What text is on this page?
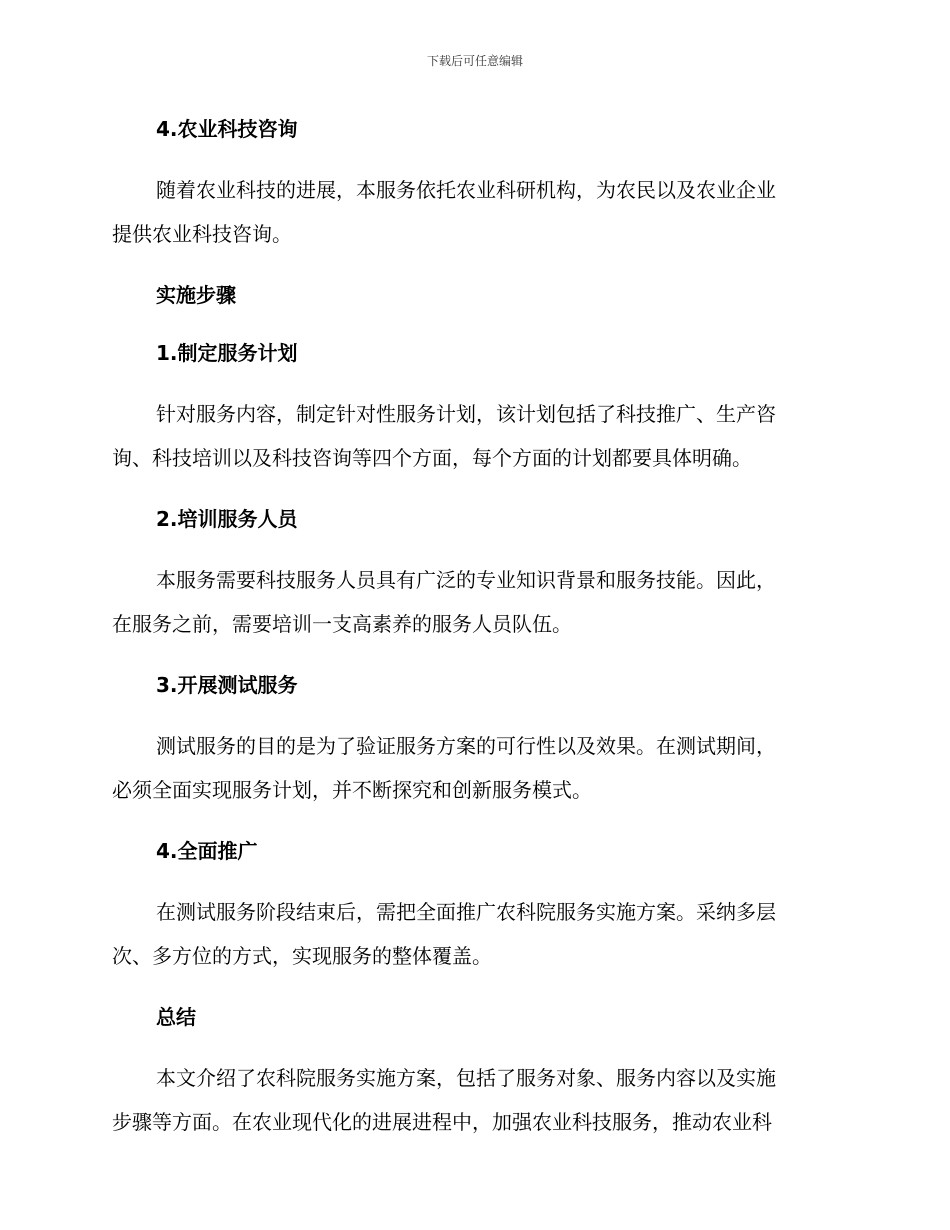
下载后可任意编辑
4.农业科技咨询
随着农业科技的进展，本服务依托农业科研机构，为农民以及农业企业
提供农业科技咨询。
实施步骤
1.制定服务计划
针对服务内容，制定针对性服务计划，该计划包括了科技推广、生产咨
询、科技培训以及科技咨询等四个方面，每个方面的计划都要具体明确。
2.培训服务人员
本服务需要科技服务人员具有广泛的专业知识背景和服务技能。因此，
在服务之前，需要培训一支高素养的服务人员队伍。
3.开展测试服务
测试服务的目的是为了验证服务方案的可行性以及效果。在测试期间，
必须全面实现服务计划，并不断探究和创新服务模式。
4.全面推广
在测试服务阶段结束后，需把全面推广农科院服务实施方案。采纳多层
次、多方位的方式，实现服务的整体覆盖。
总结
本文介绍了农科院服务实施方案，包括了服务对象、服务内容以及实施
步骤等方面。在农业现代化的进展进程中，加强农业科技服务，推动农业科
